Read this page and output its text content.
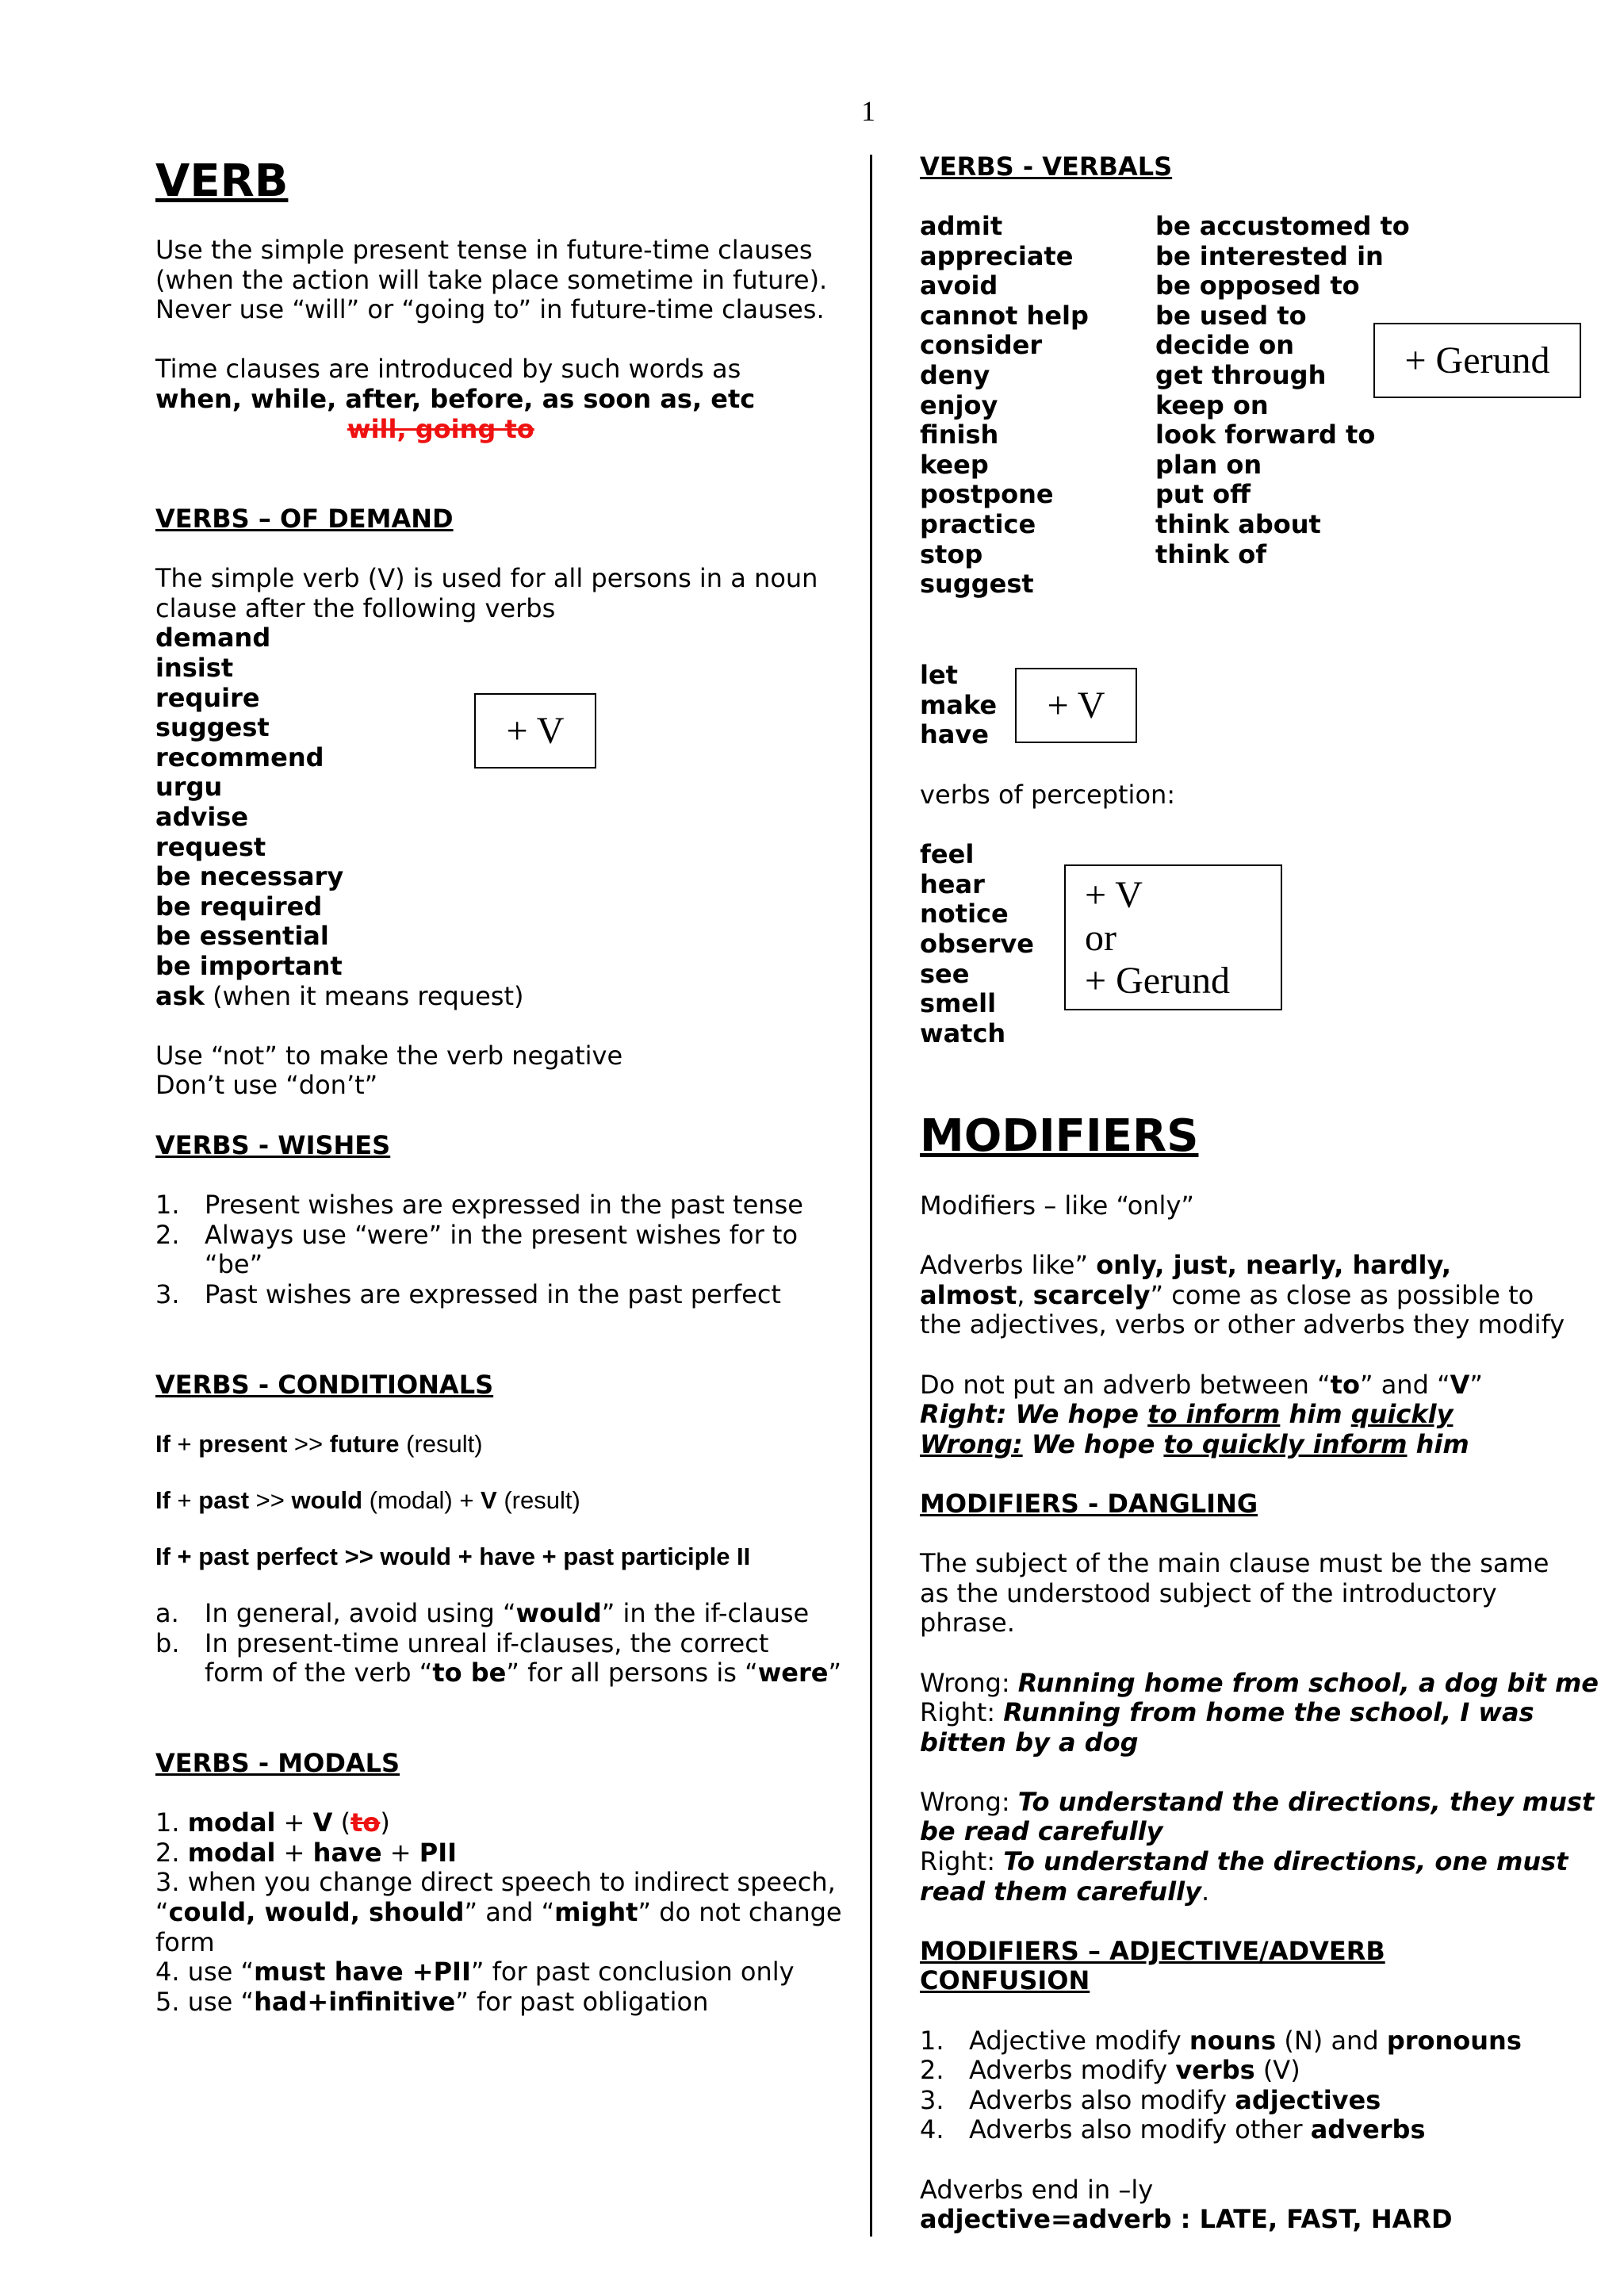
1
VERB
Use the simple present tense in future-time clauses
(when the action will take place sometime in future).
Never use “will” or “going to” in future-time clauses.
Time clauses are introduced by such words as
when, while, after, before, as soon as, etc
will, going to
VERBS – OF DEMAND
The simple verb (V) is used for all persons in a noun
clause after the following verbs
demand
insist
require
suggest
recommend
urgu
advise
request
be necessary
be required
be essential
be important
ask (when it means request)
Use “not” to make the verb negative
Don’t use “don’t”
+ V
VERBS - WISHES
1. Present wishes are expressed in the past tense
2. Always use “were” in the present wishes for to
“be”
3. Past wishes are expressed in the past perfect
VERBS - CONDITIONALS
If + present >> future (result)
If + past >> would (modal) + V (result)
If + past perfect >> would + have + past participle II
a. In general, avoid using “would” in the if-clause
b. In present-time unreal if-clauses, the correct
form of the verb “to be” for all persons is “were”
VERBS - MODALS
1. modal + V (to)
2. modal + have + PII
3. when you change direct speech to indirect speech,
“could, would, should” and “might” do not change
form
4. use “must have +PII” for past conclusion only
5. use “had+infinitive” for past obligation
VERBS - VERBALS
admit
appreciate
avoid
cannot help
consider
deny
enjoy
finish
keep
postpone
practice
stop
suggest
be accustomed to
be interested in
be opposed to
be used to
decide on
get through
keep on
look forward to
plan on
put off
think about
think of
+ Gerund
let
make
have
+ V
verbs of perception:
feel
hear
notice
observe
see
smell
watch
+ V
or
+ Gerund
MODIFIERS
Modifiers – like “only”
Adverbs like” only, just, nearly, hardly,
almost, scarcely” come as close as possible to
the adjectives, verbs or other adverbs they modify
Do not put an adverb between “to” and “V”
Right: We hope to inform him quickly
Wrong: We hope to quickly inform him
MODIFIERS - DANGLING
The subject of the main clause must be the same
as the understood subject of the introductory
phrase.
Wrong: Running home from school, a dog bit me
Right: Running from home the school, I was
bitten by a dog
Wrong: To understand the directions, they must
be read carefully
Right: To understand the directions, one must
read them carefully.
MODIFIERS – ADJECTIVE/ADVERB
CONFUSION
1. Adjective modify nouns (N) and pronouns
2. Adverbs modify verbs (V)
3. Adverbs also modify adjectives
4. Adverbs also modify other adverbs
Adverbs end in –ly
adjective=adverb : LATE, FAST, HARD
